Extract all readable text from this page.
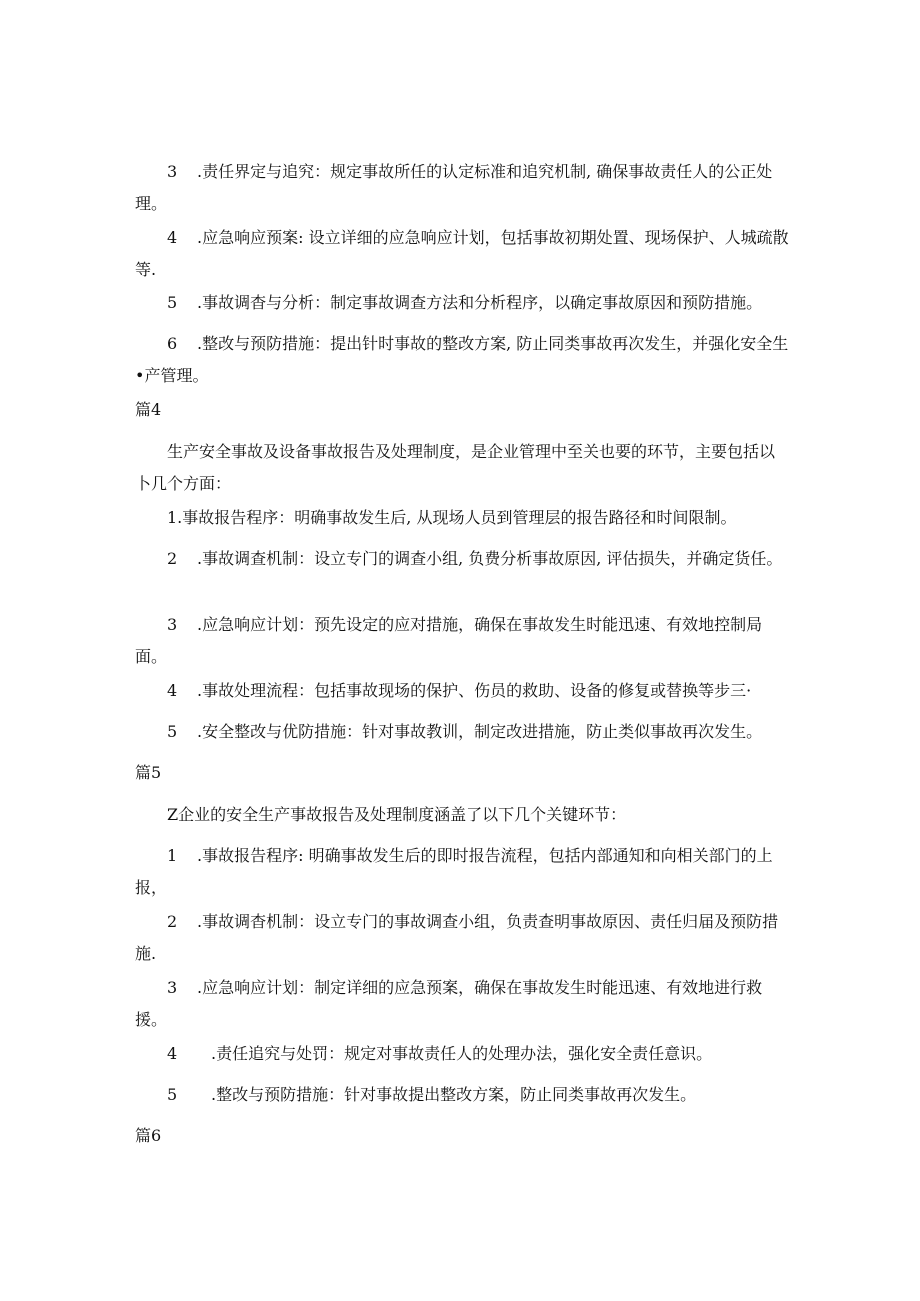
3 .责任界定与追究：规定事故所任的认定标准和追究机制, 确保事故责任人的公正处理。

4 .应急响应预案: 设立详细的应急响应计划，包括事故初期处置、现场保护、人城疏散等.

5 .事故调杳与分析：制定事故调查方法和分析程序，以确定事故原因和预防措施。

6 .整改与预防措施：提出针时事故的整改方案, 防止同类事故再次发生，并强化安全生•产管理。

篇4

生产安全事故及设备事故报告及处理制度，是企业管理中至关也要的环节，主要包括以卜几个方面：

1.事故报告程序：明确事故发生后, 从现场人员到管理层的报告路径和时间限制。

2 .事故调查机制：设立专门的调查小组, 负费分析事故原因, 评估损失，并确定货任。

3 .应急响应计划：预先设定的应对措施，确保在事故发生时能迅速、有效地控制局面。

4 .事故处理流程：包括事故现场的保护、伤员的救助、设备的修复或替换等步三·

5 .安全整改与优防措施：针对事故教训，制定改进措施，防止类似事故再次发生。

篇5

Z企业的安全生产事故报告及处理制度涵盖了以下几个关键环节：

1 .事故报告程序: 明确事故发生后的即时报告流程，包括内部通知和向相关部门的上报，

2 .事故调杳机制：设立专门的事故调查小组，负责查明事故原因、责任归届及预防措施.

3 .应急响应计划：制定详细的应急预案，确保在事故发生时能迅速、有效地进行救援。

4 .责任追究与处罚：规定对事故责任人的处理办法，强化安全责任意识。

5 .整改与预防措施：针对事故提出整改方案，防止同类事故再次发生。

篇6
